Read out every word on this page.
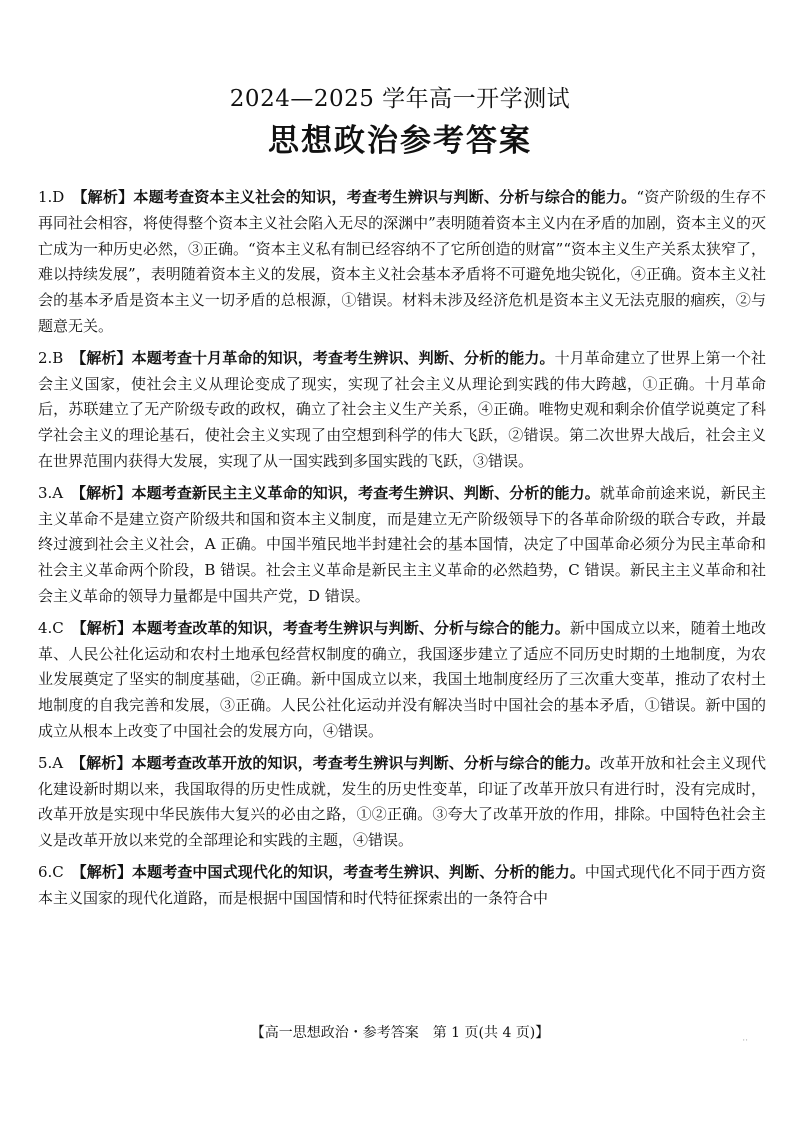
2024—2025 学年高一开学测试
思想政治参考答案

1.D 【解析】本题考查资本主义社会的知识，考查考生辨识与判断、分析与综合的能力。“资产阶级的生存不再同社会相容，将使得整个资本主义社会陷入无尽的深渊中”表明随着资本主义内在矛盾的加剧，资本主义的灭亡成为一种历史必然，③正确。“资本主义私有制已经容纳不了它所创造的财富”“资本主义生产关系太狭窄了，难以持续发展”，表明随着资本主义的发展，资本主义社会基本矛盾将不可避免地尖锐化，④正确。资本主义社会的基本矛盾是资本主义一切矛盾的总根源，①错误。材料未涉及经济危机是资本主义无法克服的痼疾，②与题意无关。

2.B 【解析】本题考查十月革命的知识，考查考生辨识、判断、分析的能力。十月革命建立了世界上第一个社会主义国家，使社会主义从理论变成了现实，实现了社会主义从理论到实践的伟大跨越，①正确。十月革命后，苏联建立了无产阶级专政的政权，确立了社会主义生产关系，④正确。唯物史观和剩余价值学说奠定了科学社会主义的理论基石，使社会主义实现了由空想到科学的伟大飞跃，②错误。第二次世界大战后，社会主义在世界范围内获得大发展，实现了从一国实践到多国实践的飞跃，③错误。

3.A 【解析】本题考查新民主主义革命的知识，考查考生辨识、判断、分析的能力。就革命前途来说，新民主主义革命不是建立资产阶级共和国和资本主义制度，而是建立无产阶级领导下的各革命阶级的联合专政，并最终过渡到社会主义社会，A 正确。中国半殖民地半封建社会的基本国情，决定了中国革命必须分为民主革命和社会主义革命两个阶段，B 错误。社会主义革命是新民主主义革命的必然趋势，C 错误。新民主主义革命和社会主义革命的领导力量都是中国共产党，D 错误。

4.C 【解析】本题考查改革的知识，考查考生辨识与判断、分析与综合的能力。新中国成立以来，随着土地改革、人民公社化运动和农村土地承包经营权制度的确立，我国逐步建立了适应不同历史时期的土地制度，为农业发展奠定了坚实的制度基础，②正确。新中国成立以来，我国土地制度经历了三次重大变革，推动了农村土地制度的自我完善和发展，③正确。人民公社化运动并没有解决当时中国社会的基本矛盾，①错误。新中国的成立从根本上改变了中国社会的发展方向，④错误。

5.A 【解析】本题考查改革开放的知识，考查考生辨识与判断、分析与综合的能力。改革开放和社会主义现代化建设新时期以来，我国取得的历史性成就，发生的历史性变革，印证了改革开放只有进行时，没有完成时，改革开放是实现中华民族伟大复兴的必由之路，①②正确。③夸大了改革开放的作用，排除。中国特色社会主义是改革开放以来党的全部理论和实践的主题，④错误。

6.C 【解析】本题考查中国式现代化的知识，考查考生辨识、判断、分析的能力。中国式现代化不同于西方资本主义国家的现代化道路，而是根据中国国情和时代特征探索出的一条符合中

【高一思想政治・参考答案　第 1 页(共 4 页)】	··
